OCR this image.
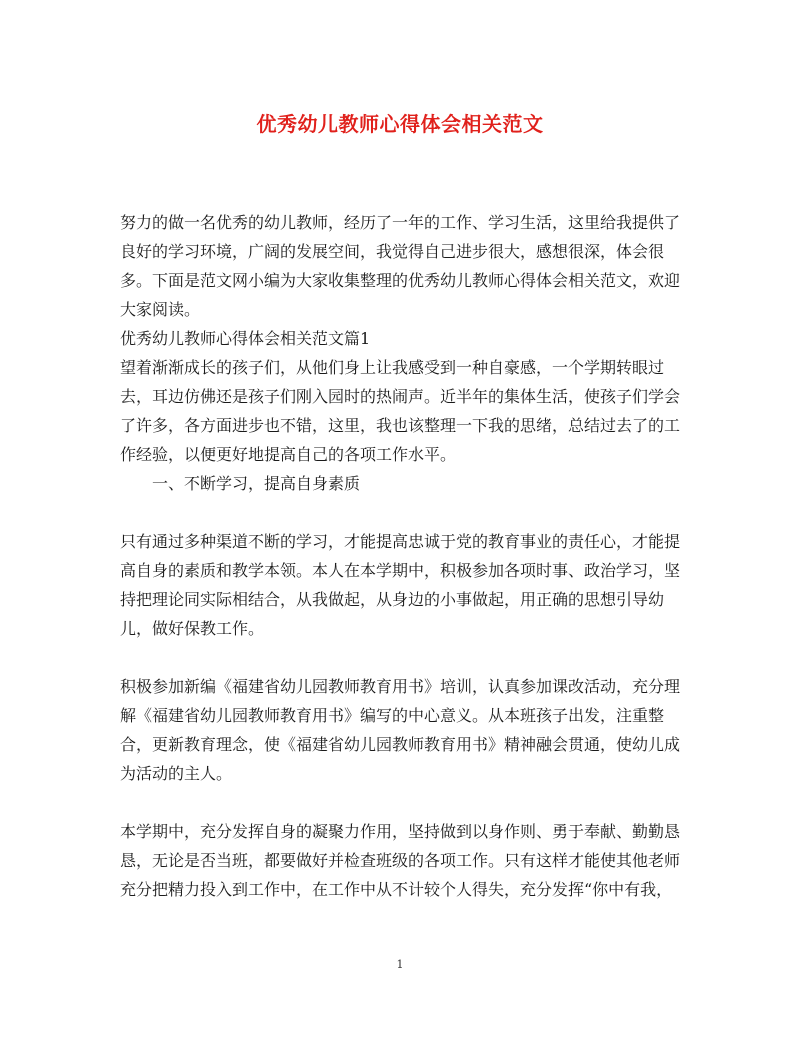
优秀幼儿教师心得体会相关范文

努力的做一名优秀的幼儿教师，经历了一年的工作、学习生活，这里给我提供了良好的学习环境，广阔的发展空间，我觉得自己进步很大，感想很深，体会很多。下面是范文网小编为大家收集整理的优秀幼儿教师心得体会相关范文，欢迎大家阅读。

优秀幼儿教师心得体会相关范文篇1

望着渐渐成长的孩子们，从他们身上让我感受到一种自豪感，一个学期转眼过去，耳边仿佛还是孩子们刚入园时的热闹声。近半年的集体生活，使孩子们学会了许多，各方面进步也不错，这里，我也该整理一下我的思绪，总结过去了的工作经验，以便更好地提高自己的各项工作水平。

一、不断学习，提高自身素质

只有通过多种渠道不断的学习，才能提高忠诚于党的教育事业的责任心，才能提高自身的素质和教学本领。本人在本学期中，积极参加各项时事、政治学习，坚持把理论同实际相结合，从我做起，从身边的小事做起，用正确的思想引导幼儿，做好保教工作。

积极参加新编《福建省幼儿园教师教育用书》培训，认真参加课改活动，充分理解《福建省幼儿园教师教育用书》编写的中心意义。从本班孩子出发，注重整合，更新教育理念，使《福建省幼儿园教师教育用书》精神融会贯通，使幼儿成为活动的主人。

本学期中，充分发挥自身的凝聚力作用，坚持做到以身作则、勇于奉献、勤勤恳恳，无论是否当班，都要做好并检查班级的各项工作。只有这样才能使其他老师充分把精力投入到工作中，在工作中从不计较个人得失，充分发挥“你中有我，

1
